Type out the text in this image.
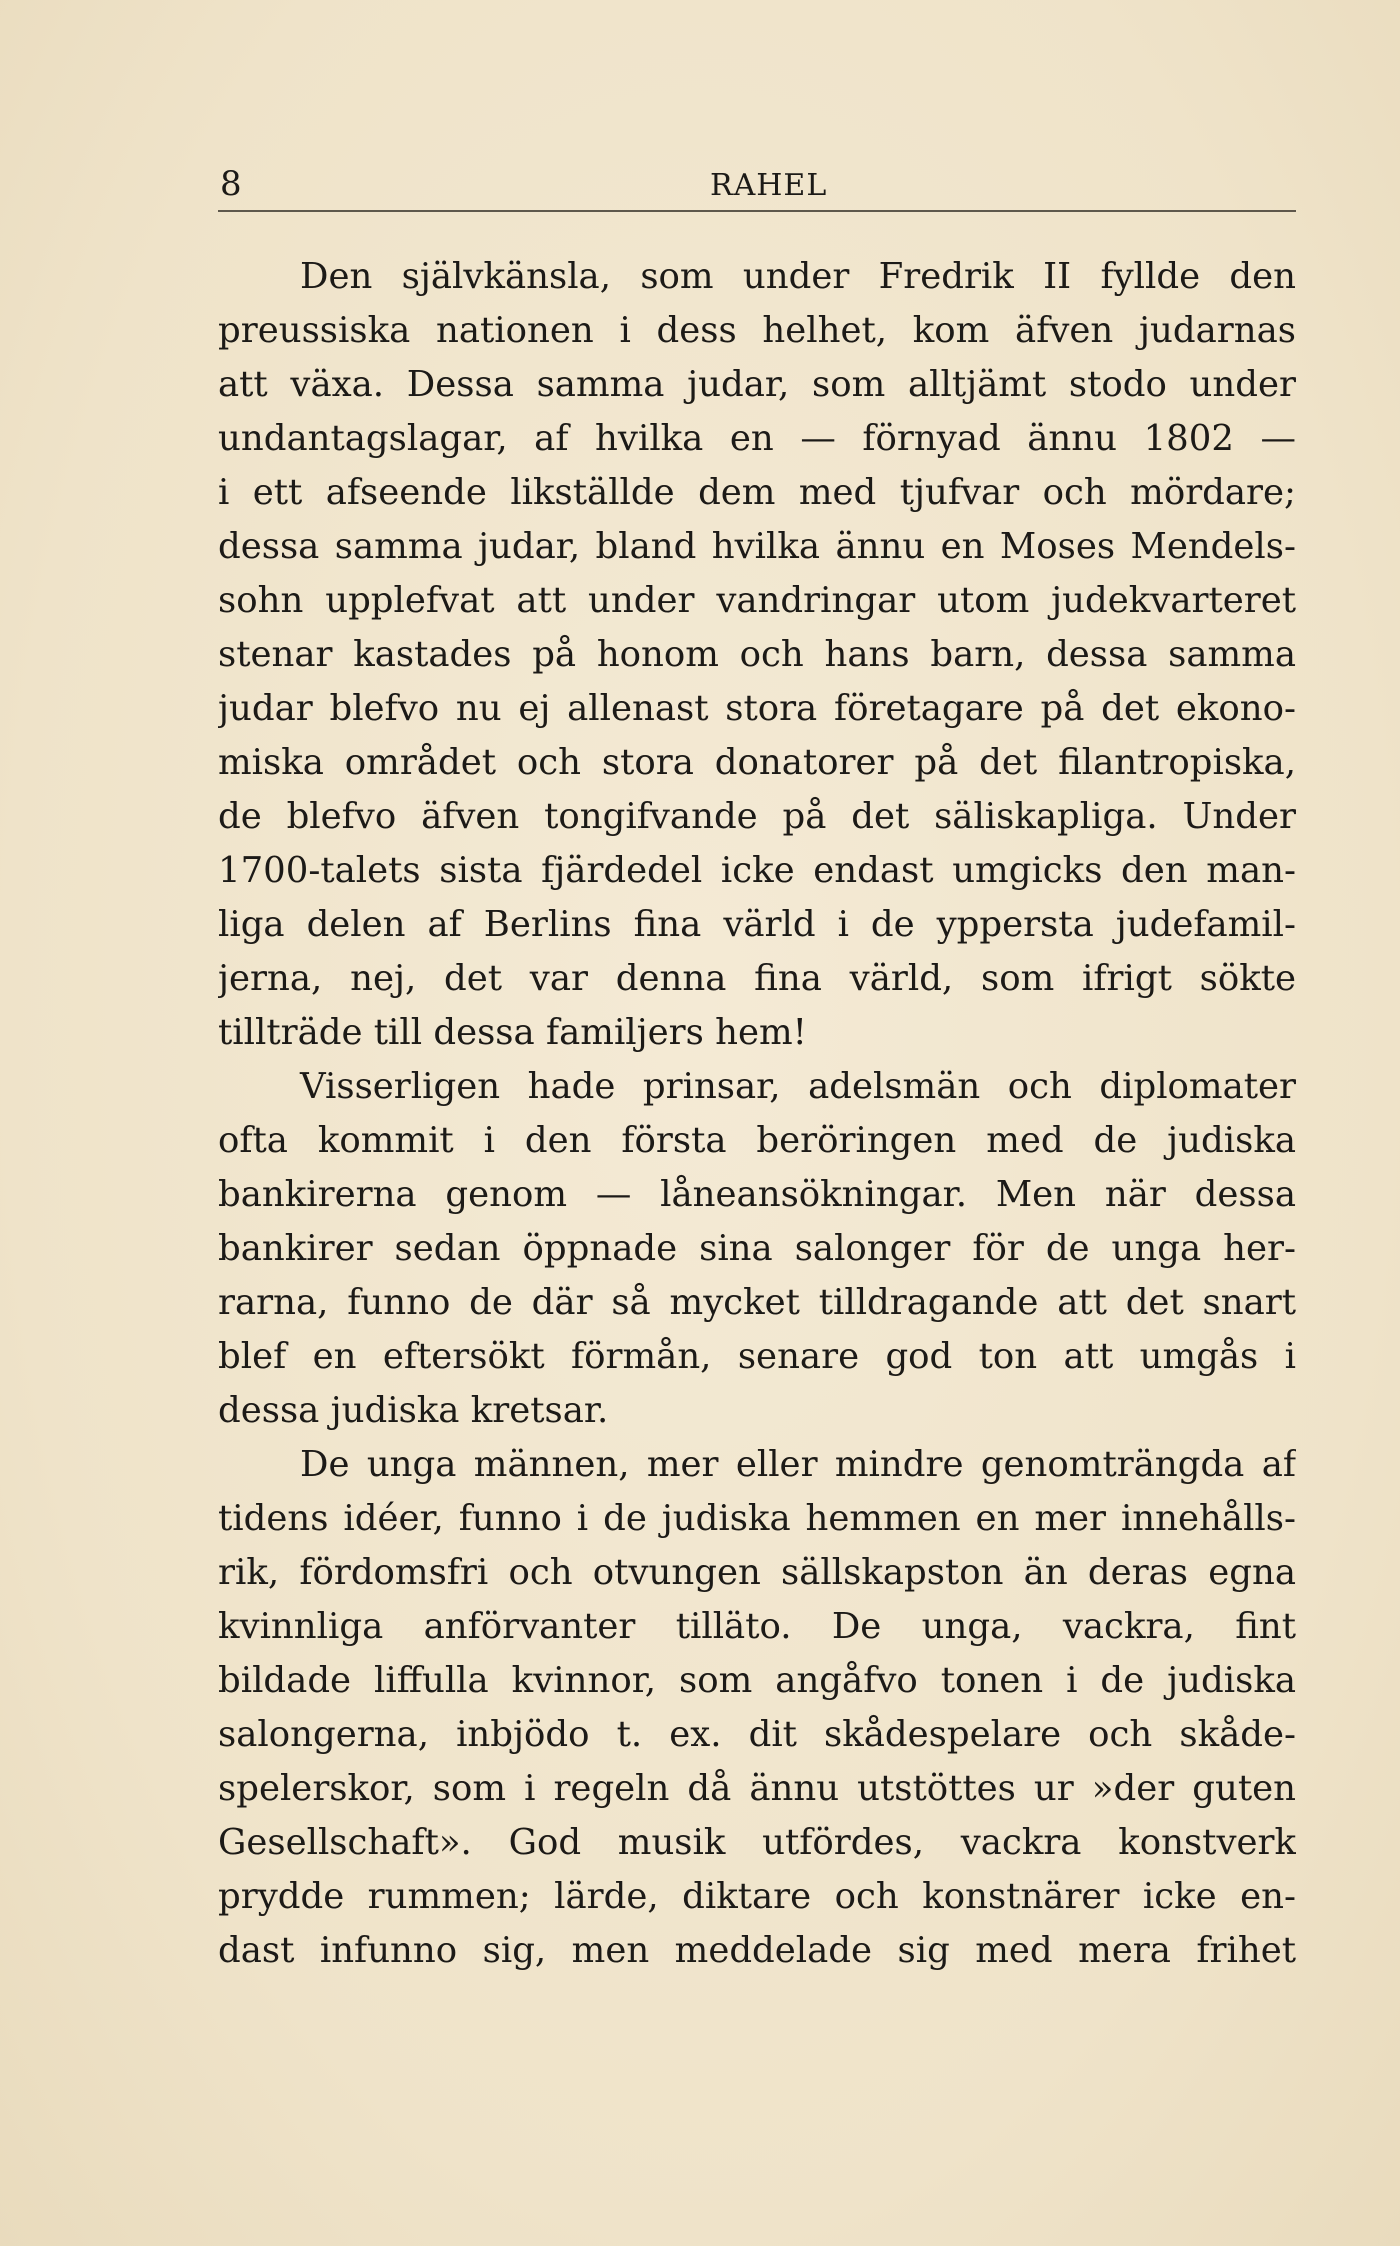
8	RAHEL
Den självkänsla, som under Fredrik II fyllde den
preussiska nationen i dess helhet, kom äfven judarnas
att växa. Dessa samma judar, som alltjämt stodo under
undantagslagar, af hvilka en — förnyad ännu 1802 —
i ett afseende likställde dem med tjufvar och mördare;
dessa samma judar, bland hvilka ännu en Moses Mendels-
sohn upplefvat att under vandringar utom judekvarteret
stenar kastades på honom och hans barn, dessa samma
judar blefvo nu ej allenast stora företagare på det ekono-
miska området och stora donatorer på det filantropiska,
de blefvo äfven tongifvande på det säliskapliga. Under
1700-talets sista fjärdedel icke endast umgicks den man-
liga delen af Berlins fina värld i de yppersta judefamil-
jerna, nej, det var denna fina värld, som ifrigt sökte
tillträde till dessa familjers hem!
Visserligen hade prinsar, adelsmän och diplomater
ofta kommit i den första beröringen med de judiska
bankirerna genom — låneansökningar. Men när dessa
bankirer sedan öppnade sina salonger för de unga her-
rarna, funno de där så mycket tilldragande att det snart
blef en eftersökt förmån, senare god ton att umgås i
dessa judiska kretsar.
De unga männen, mer eller mindre genomträngda af
tidens idéer, funno i de judiska hemmen en mer innehålls-
rik, fördomsfri och otvungen sällskapston än deras egna
kvinnliga anförvanter tilläto. De unga, vackra, fint
bildade liffulla kvinnor, som angåfvo tonen i de judiska
salongerna, inbjödo t. ex. dit skådespelare och skåde-
spelerskor, som i regeln då ännu utstöttes ur »der guten
Gesellschaft». God musik utfördes, vackra konstverk
prydde rummen; lärde, diktare och konstnärer icke en-
dast infunno sig, men meddelade sig med mera frihet
